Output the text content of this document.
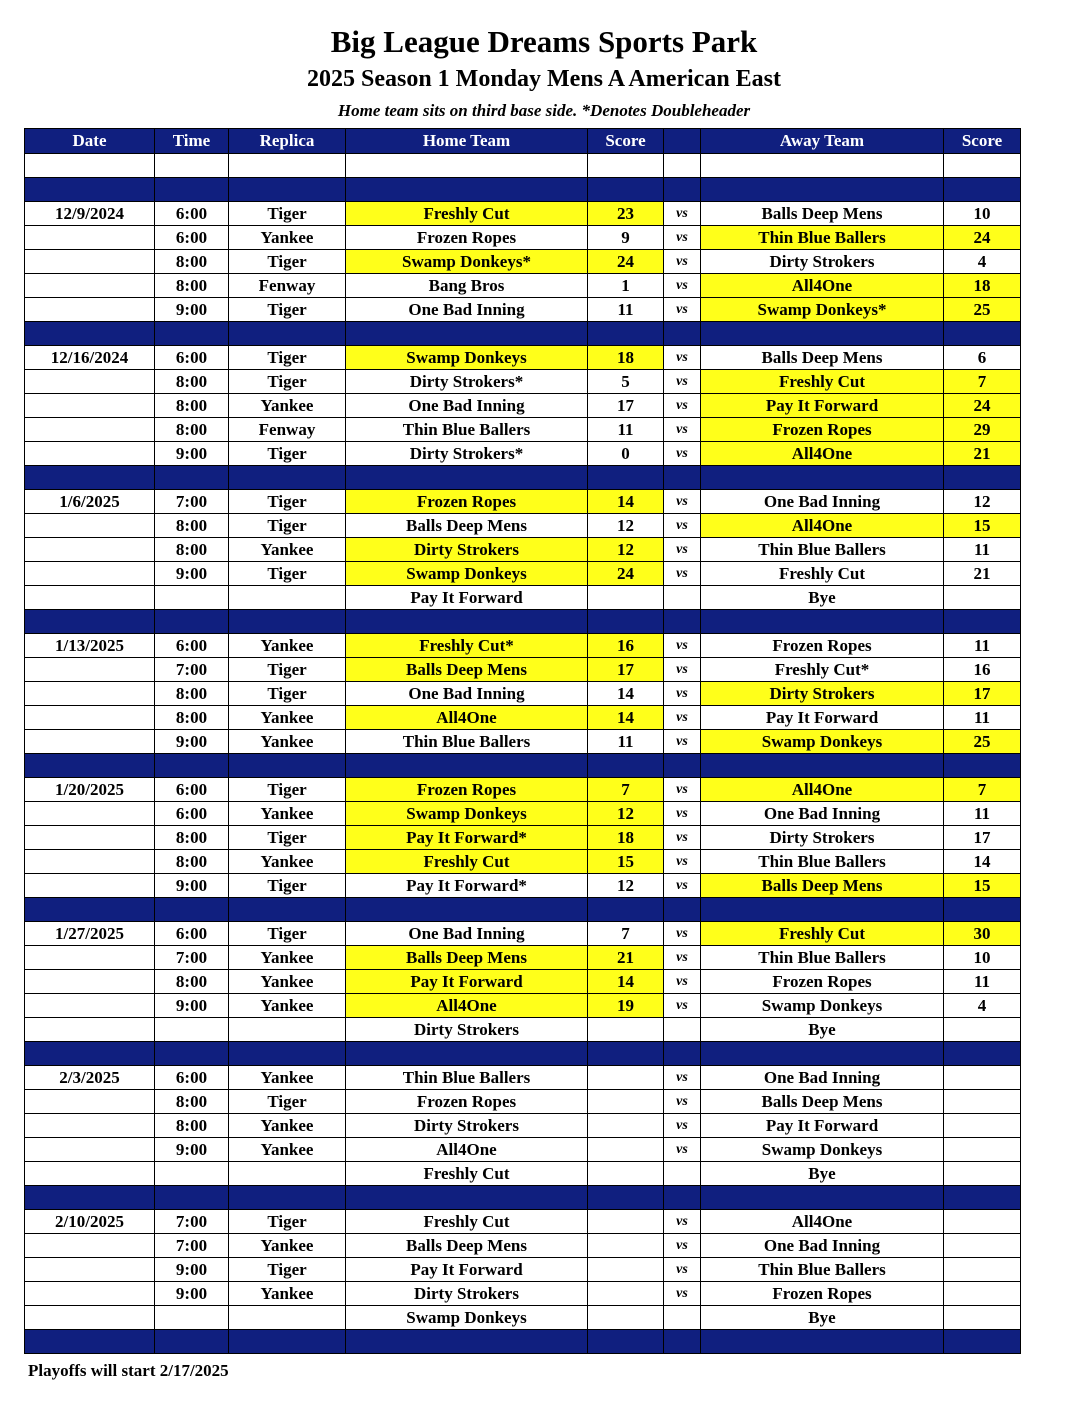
Big League Dreams Sports Park
2025 Season 1 Monday Mens A American East
Home team sits on third base side. *Denotes Doubleheader
Date	Time	Replica	Home Team	Score		Away Team	Score

12/9/2024	6:00	Tiger	Freshly Cut	23	vs	Balls Deep Mens	10
	6:00	Yankee	Frozen Ropes	9	vs	Thin Blue Ballers	24
	8:00	Tiger	Swamp Donkeys*	24	vs	Dirty Strokers	4
	8:00	Fenway	Bang Bros	1	vs	All4One	18
	9:00	Tiger	One Bad Inning	11	vs	Swamp Donkeys*	25

12/16/2024	6:00	Tiger	Swamp Donkeys	18	vs	Balls Deep Mens	6
	8:00	Tiger	Dirty Strokers*	5	vs	Freshly Cut	7
	8:00	Yankee	One Bad Inning	17	vs	Pay It Forward	24
	8:00	Fenway	Thin Blue Ballers	11	vs	Frozen Ropes	29
	9:00	Tiger	Dirty Strokers*	0	vs	All4One	21

1/6/2025	7:00	Tiger	Frozen Ropes	14	vs	One Bad Inning	12
	8:00	Tiger	Balls Deep Mens	12	vs	All4One	15
	8:00	Yankee	Dirty Strokers	12	vs	Thin Blue Ballers	11
	9:00	Tiger	Swamp Donkeys	24	vs	Freshly Cut	21
			Pay It Forward			Bye	

1/13/2025	6:00	Yankee	Freshly Cut*	16	vs	Frozen Ropes	11
	7:00	Tiger	Balls Deep Mens	17	vs	Freshly Cut*	16
	8:00	Tiger	One Bad Inning	14	vs	Dirty Strokers	17
	8:00	Yankee	All4One	14	vs	Pay It Forward	11
	9:00	Yankee	Thin Blue Ballers	11	vs	Swamp Donkeys	25

1/20/2025	6:00	Tiger	Frozen Ropes	7	vs	All4One	7
	6:00	Yankee	Swamp Donkeys	12	vs	One Bad Inning	11
	8:00	Tiger	Pay It Forward*	18	vs	Dirty Strokers	17
	8:00	Yankee	Freshly Cut	15	vs	Thin Blue Ballers	14
	9:00	Tiger	Pay It Forward*	12	vs	Balls Deep Mens	15

1/27/2025	6:00	Tiger	One Bad Inning	7	vs	Freshly Cut	30
	7:00	Yankee	Balls Deep Mens	21	vs	Thin Blue Ballers	10
	8:00	Yankee	Pay It Forward	14	vs	Frozen Ropes	11
	9:00	Yankee	All4One	19	vs	Swamp Donkeys	4
			Dirty Strokers			Bye	

2/3/2025	6:00	Yankee	Thin Blue Ballers		vs	One Bad Inning	
	8:00	Tiger	Frozen Ropes		vs	Balls Deep Mens	
	8:00	Yankee	Dirty Strokers		vs	Pay It Forward	
	9:00	Yankee	All4One		vs	Swamp Donkeys	
			Freshly Cut			Bye	

2/10/2025	7:00	Tiger	Freshly Cut		vs	All4One	
	7:00	Yankee	Balls Deep Mens		vs	One Bad Inning	
	9:00	Tiger	Pay It Forward		vs	Thin Blue Ballers	
	9:00	Yankee	Dirty Strokers		vs	Frozen Ropes	
			Swamp Donkeys			Bye	

Playoffs will start 2/17/2025
